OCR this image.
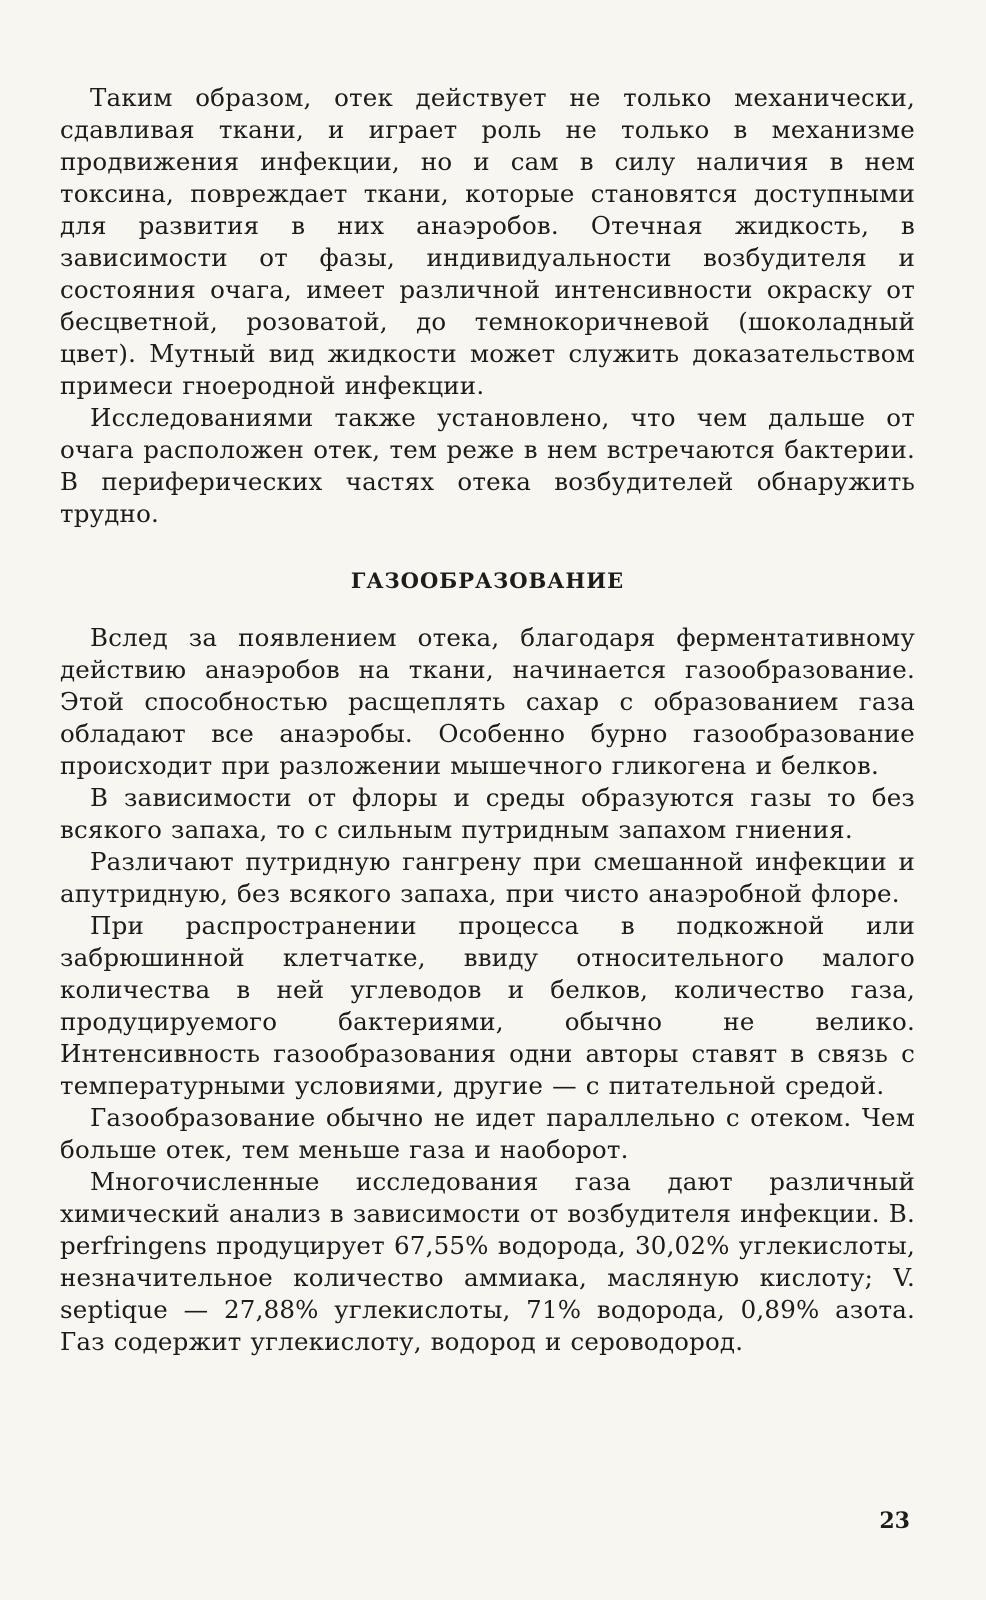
Таким образом, отек действует не только механически, сдавливая ткани, и играет роль не только в механизме продвижения инфекции, но и сам в силу наличия в нем токсина, повреждает ткани, которые становятся доступными для развития в них анаэробов. Отечная жидкость, в зависимости от фазы, индивидуальности возбудителя и состояния очага, имеет различной интенсивности окраску от бесцветной, розоватой, до темнокоричневой (шоколадный цвет). Мутный вид жидкости может служить доказательством примеси гноеродной инфекции.

Исследованиями также установлено, что чем дальше от очага расположен отек, тем реже в нем встречаются бактерии. В периферических частях отека возбудителей обнаружить трудно.

ГАЗООБРАЗОВАНИЕ

Вслед за появлением отека, благодаря ферментативному действию анаэробов на ткани, начинается газообразование. Этой способностью расщеплять сахар с образованием газа обладают все анаэробы. Особенно бурно газообразование происходит при разложении мышечного гликогена и белков.

В зависимости от флоры и среды образуются газы то без всякого запаха, то с сильным путридным запахом гниения.

Различают путридную гангрену при смешанной инфекции и апутридную, без всякого запаха, при чисто анаэробной флоре.

При распространении процесса в подкожной или забрюшинной клетчатке, ввиду относительного малого количества в ней углеводов и белков, количество газа, продуцируемого бактериями, обычно не велико. Интенсивность газообразования одни авторы ставят в связь с температурными условиями, другие — с питательной средой.

Газообразование обычно не идет параллельно с отеком. Чем больше отек, тем меньше газа и наоборот.

Многочисленные исследования газа дают различный химический анализ в зависимости от возбудителя инфекции. B. perfringens продуцирует 67,55% водорода, 30,02% углекислоты, незначительное количество аммиака, масляную кислоту; V. septique — 27,88% углекислоты, 71% водорода, 0,89% азота. Газ содержит углекислоту, водород и сероводород.

23
